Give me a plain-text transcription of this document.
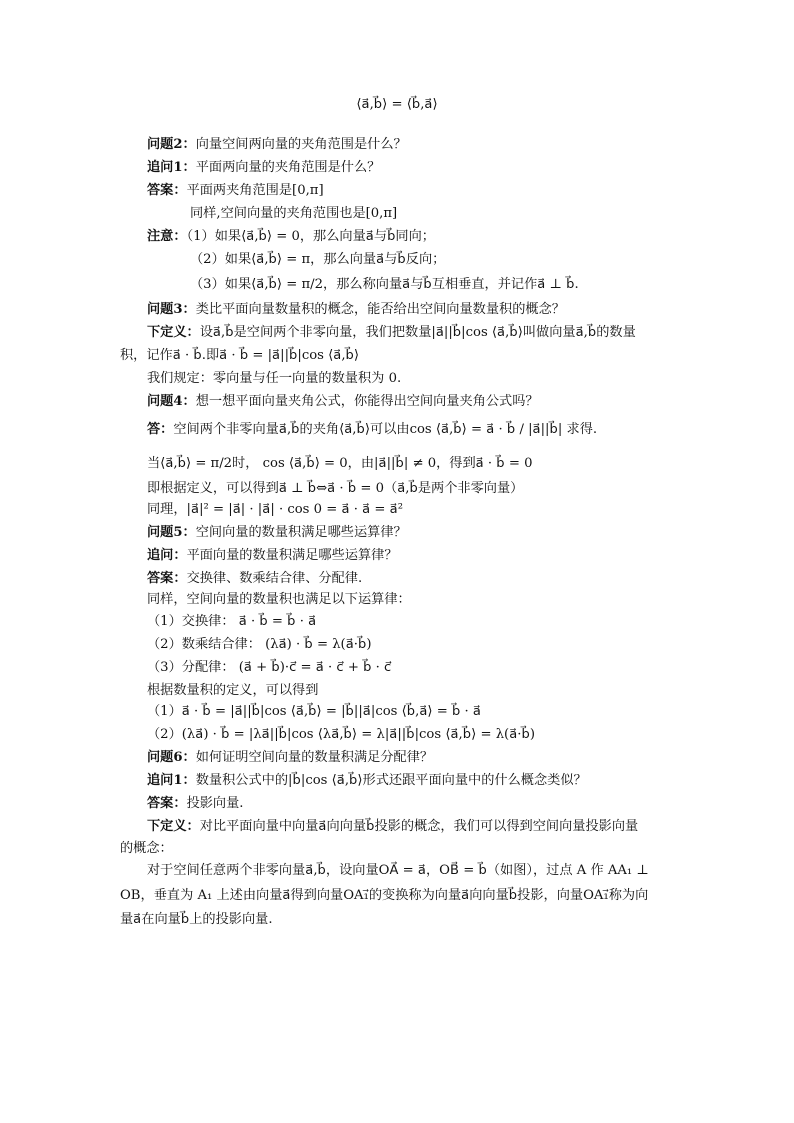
⟨a⃗,b⃗⟩ = ⟨b⃗,a⃗⟩
问题2：向量空间两向量的夹角范围是什么？
追问1：平面两向量的夹角范围是什么？
答案：平面两夹角范围是[0,π]
同样,空间向量的夹角范围也是[0,π]
注意：（1）如果⟨a⃗,b⃗⟩ = 0，那么向量a⃗与b⃗同向；
（2）如果⟨a⃗,b⃗⟩ = π，那么向量a⃗与b⃗反向；
（3）如果⟨a⃗,b⃗⟩ = π/2，那么称向量a⃗与b⃗互相垂直，并记作a⃗ ⊥ b⃗.
问题3：类比平面向量数量积的概念，能否给出空间向量数量积的概念？
下定义：设a⃗,b⃗是空间两个非零向量，我们把数量|a⃗||b⃗|cos ⟨a⃗,b⃗⟩叫做向量a⃗,b⃗的数量
积，记作a⃗ · b⃗.即a⃗ · b⃗ = |a⃗||b⃗|cos ⟨a⃗,b⃗⟩
我们规定：零向量与任一向量的数量积为 0.
问题4：想一想平面向量夹角公式，你能得出空间向量夹角公式吗？
答：空间两个非零向量a⃗,b⃗的夹角⟨a⃗,b⃗⟩可以由cos ⟨a⃗,b⃗⟩ = a⃗ · b⃗ / |a⃗||b⃗| 求得.
当⟨a⃗,b⃗⟩ = π/2时， cos ⟨a⃗,b⃗⟩ = 0，由|a⃗||b⃗| ≠ 0，得到a⃗ · b⃗ = 0
即根据定义，可以得到a⃗ ⊥ b⃗⇔a⃗ · b⃗ = 0（a⃗,b⃗是两个非零向量）
同理，|a⃗|² = |a⃗| · |a⃗| · cos 0 = a⃗ · a⃗ = a⃗²
问题5：空间向量的数量积满足哪些运算律？
追问：平面向量的数量积满足哪些运算律？
答案：交换律、数乘结合律、分配律.
同样，空间向量的数量积也满足以下运算律：
（1）交换律： a⃗ · b⃗ = b⃗ · a⃗
（2）数乘结合律： (λa⃗) · b⃗ = λ(a⃗·b⃗)
（3）分配律： (a⃗ + b⃗)·c⃗ = a⃗ · c⃗ + b⃗ · c⃗
根据数量积的定义，可以得到
（1）a⃗ · b⃗ = |a⃗||b⃗|cos ⟨a⃗,b⃗⟩ = |b⃗||a⃗|cos ⟨b⃗,a⃗⟩ = b⃗ · a⃗
（2）(λa⃗) · b⃗ = |λa⃗||b⃗|cos ⟨λa⃗,b⃗⟩ = λ|a⃗||b⃗|cos ⟨a⃗,b⃗⟩ = λ(a⃗·b⃗)
问题6：如何证明空间向量的数量积满足分配律？
追问1：数量积公式中的|b⃗|cos ⟨a⃗,b⃗⟩形式还跟平面向量中的什么概念类似？
答案：投影向量.
下定义：对比平面向量中向量a⃗向向量b⃗投影的概念，我们可以得到空间向量投影向量
的概念：
对于空间任意两个非零向量a⃗,b⃗，设向量OA⃗ = a⃗，OB⃗ = b⃗（如图），过点 A 作 AA₁ ⊥
OB，垂直为 A₁ 上述由向量a⃗得到向量OA₁⃗的变换称为向量a⃗向向量b⃗投影，向量OA₁⃗称为向
量a⃗在向量b⃗上的投影向量.
